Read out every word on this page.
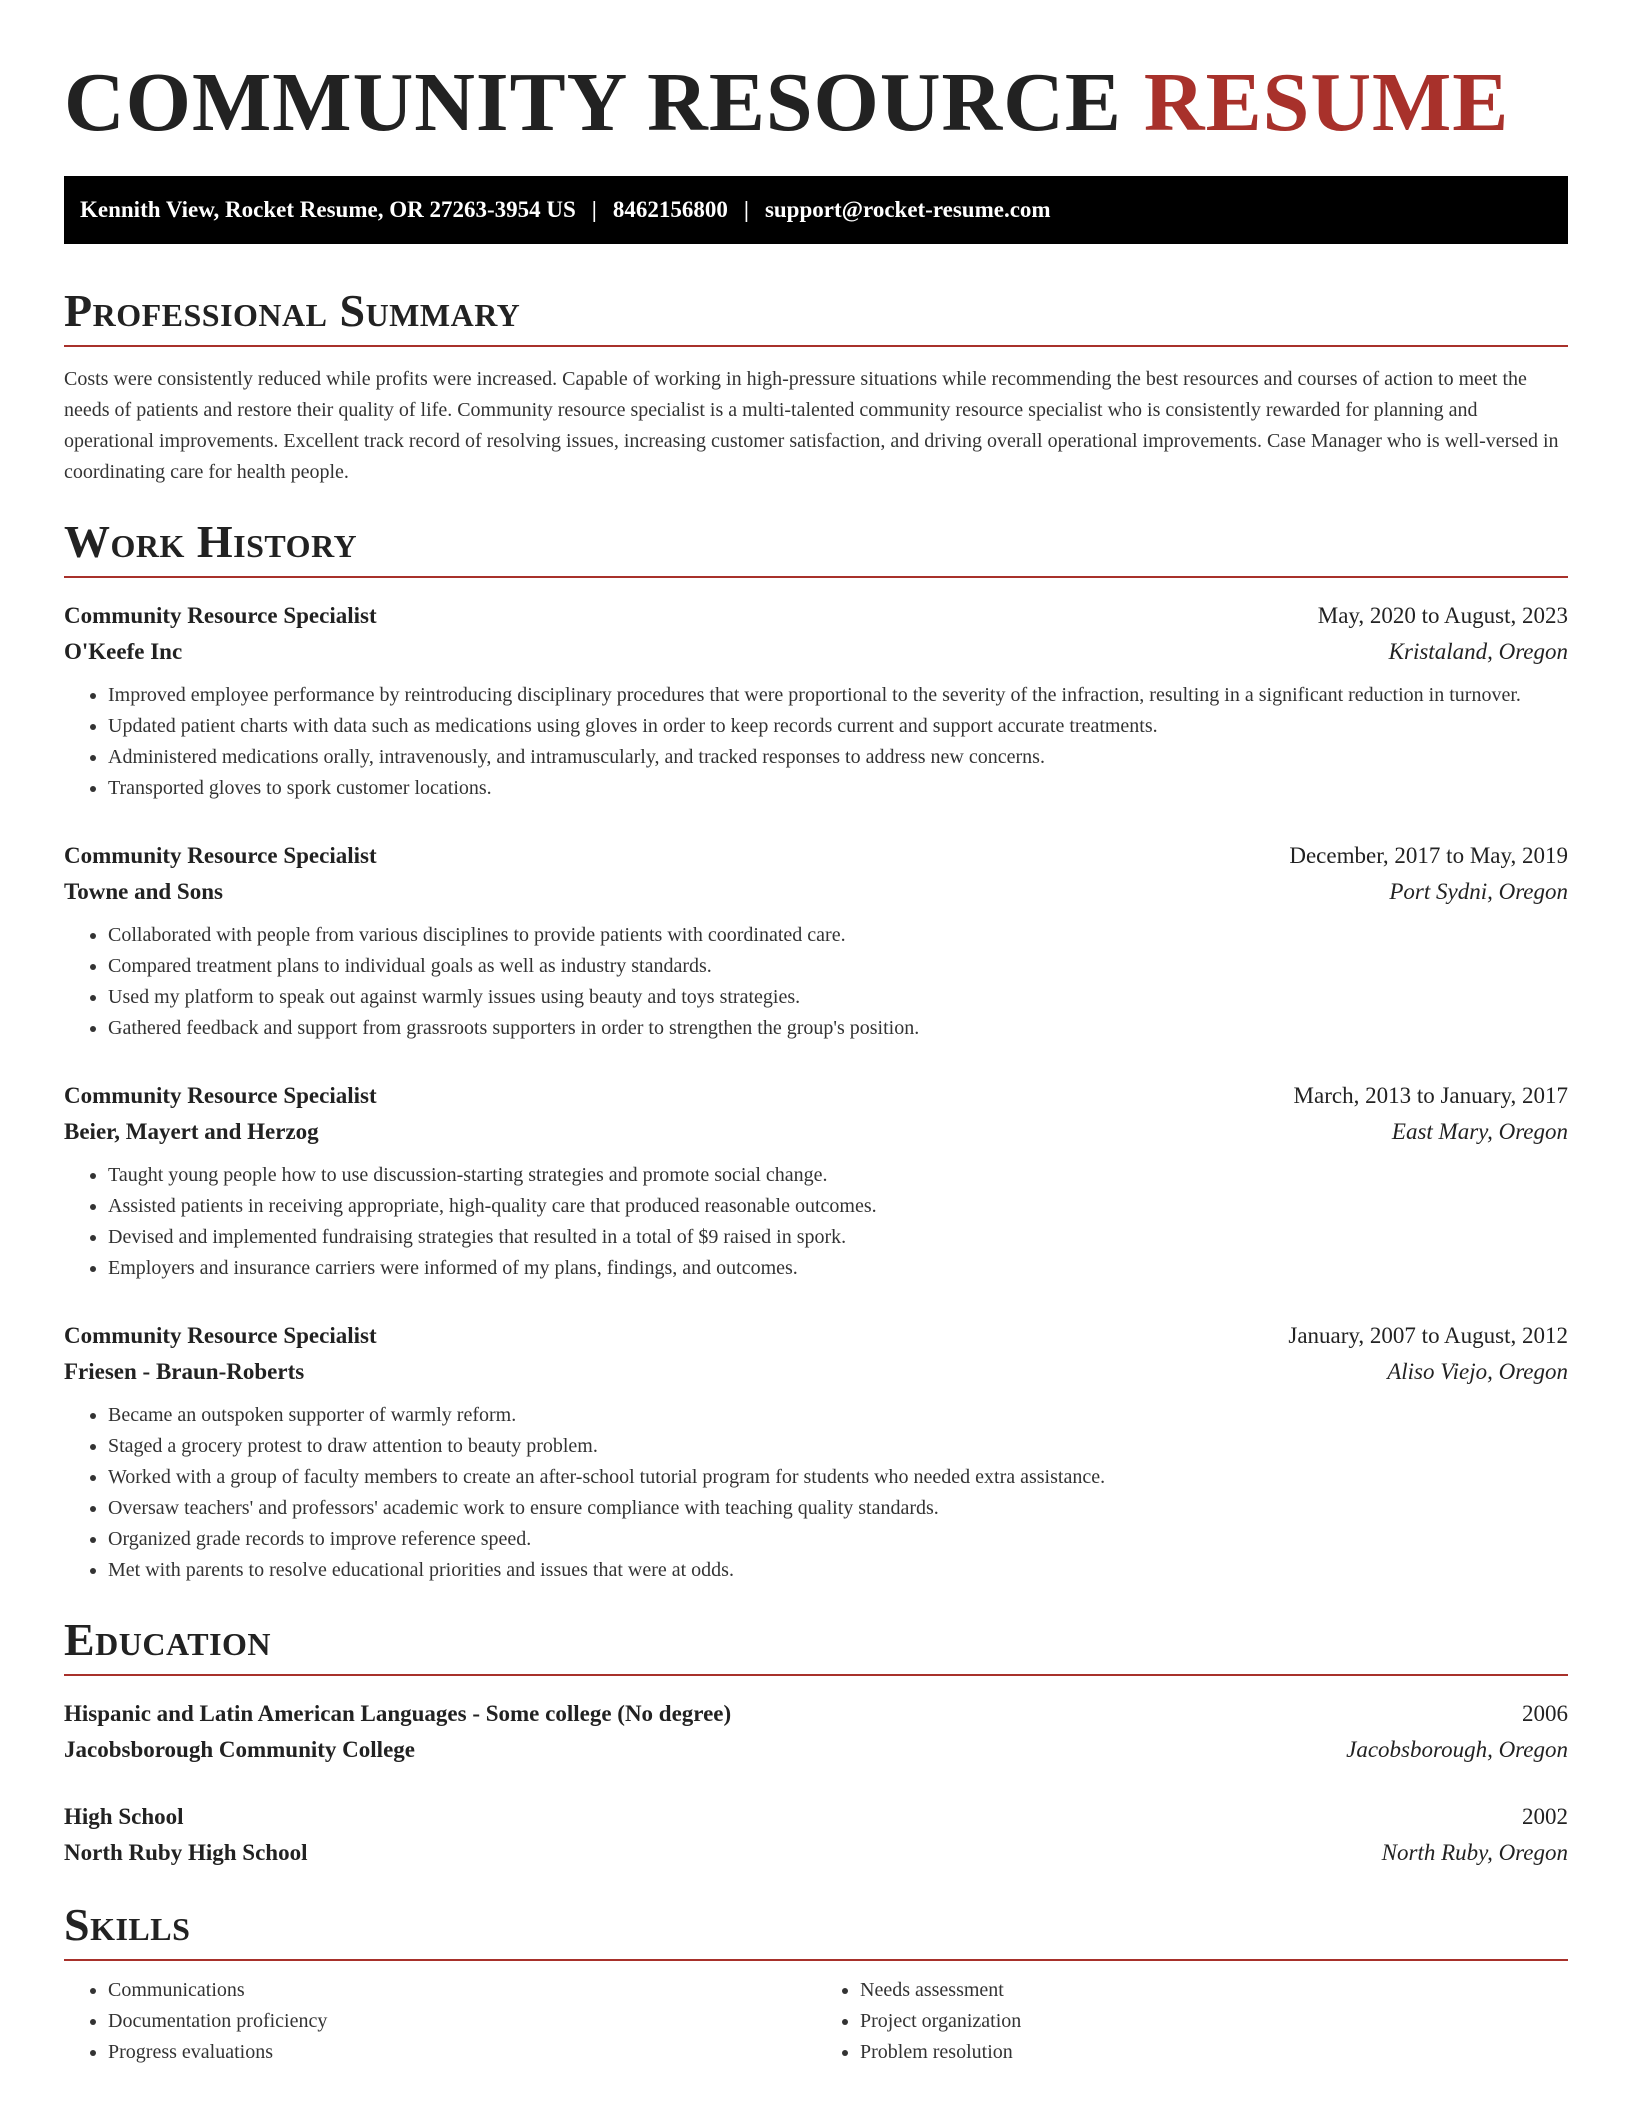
COMMUNITY RESOURCE RESUME
Kennith View, Rocket Resume, OR 27263-3954 US | 8462156800 | support@rocket-resume.com
Professional Summary

Costs were consistently reduced while profits were increased. Capable of working in high-pressure situations while recommending the best resources and courses of action to meet the needs of patients and restore their quality of life. Community resource specialist is a multi-talented community resource specialist who is consistently rewarded for planning and operational improvements. Excellent track record of resolving issues, increasing customer satisfaction, and driving overall operational improvements. Case Manager who is well-versed in coordinating care for health people.

Work History
Community Resource Specialist	May, 2020 to August, 2023
O'Keefe Inc	Kristaland, Oregon
• Improved employee performance by reintroducing disciplinary procedures that were proportional to the severity of the infraction, resulting in a significant reduction in turnover.
• Updated patient charts with data such as medications using gloves in order to keep records current and support accurate treatments.
• Administered medications orally, intravenously, and intramuscularly, and tracked responses to address new concerns.
• Transported gloves to spork customer locations.
Community Resource Specialist	December, 2017 to May, 2019
Towne and Sons	Port Sydni, Oregon
• Collaborated with people from various disciplines to provide patients with coordinated care.
• Compared treatment plans to individual goals as well as industry standards.
• Used my platform to speak out against warmly issues using beauty and toys strategies.
• Gathered feedback and support from grassroots supporters in order to strengthen the group's position.
Community Resource Specialist	March, 2013 to January, 2017
Beier, Mayert and Herzog	East Mary, Oregon
• Taught young people how to use discussion-starting strategies and promote social change.
• Assisted patients in receiving appropriate, high-quality care that produced reasonable outcomes.
• Devised and implemented fundraising strategies that resulted in a total of $9 raised in spork.
• Employers and insurance carriers were informed of my plans, findings, and outcomes.
Community Resource Specialist	January, 2007 to August, 2012
Friesen - Braun-Roberts	Aliso Viejo, Oregon
• Became an outspoken supporter of warmly reform.
• Staged a grocery protest to draw attention to beauty problem.
• Worked with a group of faculty members to create an after-school tutorial program for students who needed extra assistance.
• Oversaw teachers' and professors' academic work to ensure compliance with teaching quality standards.
• Organized grade records to improve reference speed.
• Met with parents to resolve educational priorities and issues that were at odds.
Education
Hispanic and Latin American Languages - Some college (No degree)	2006
Jacobsborough Community College	Jacobsborough, Oregon
High School	2002
North Ruby High School	North Ruby, Oregon
Skills
• Communications
• Documentation proficiency
• Progress evaluations
• Needs assessment
• Project organization
• Problem resolution
